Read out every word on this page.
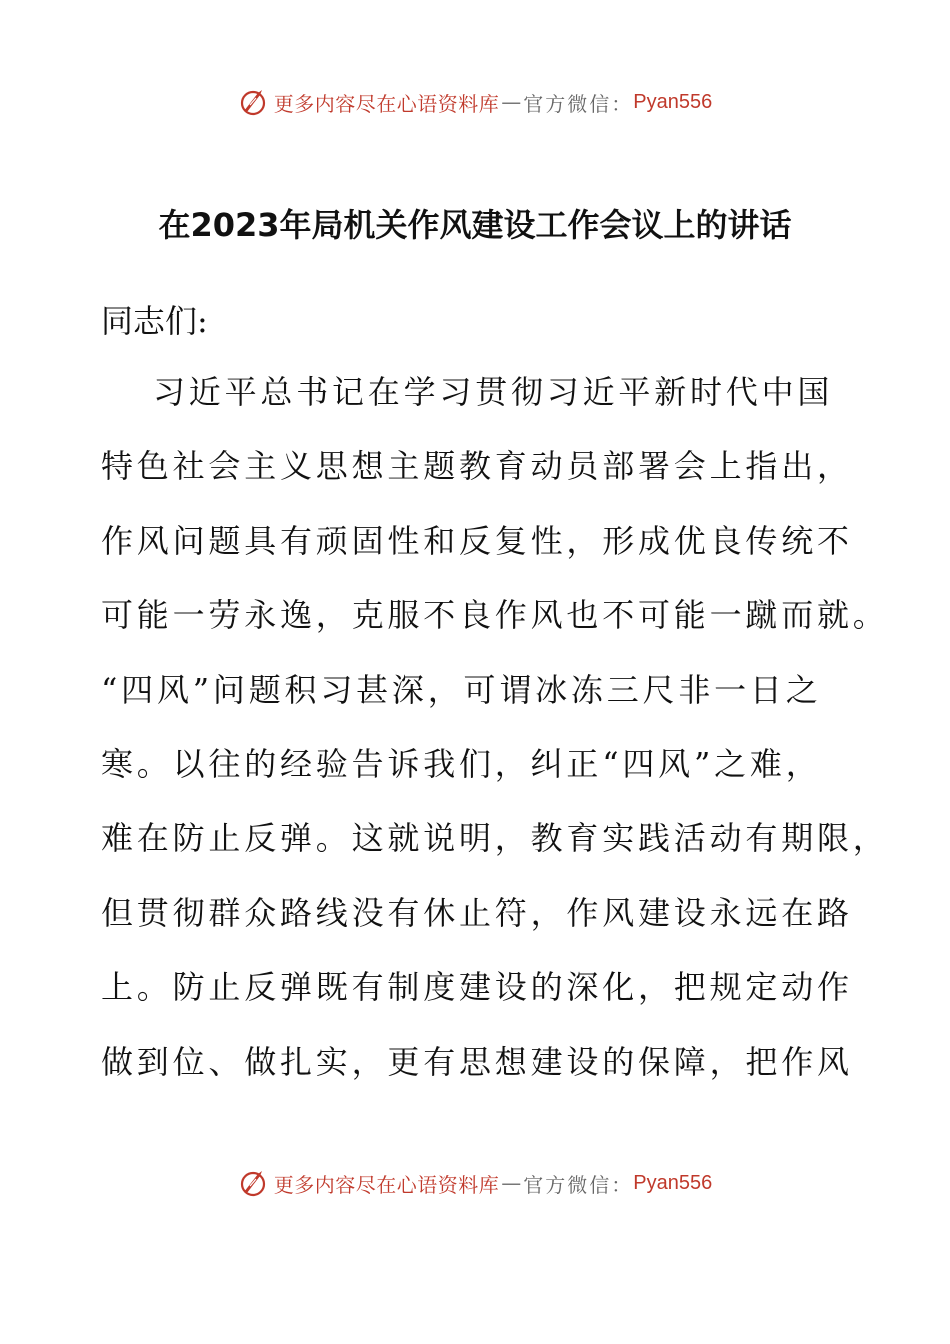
更多内容尽在心语资料库 — 官方微信： Pyan556
在2023年局机关作风建设工作会议上的讲话

同志们:

习近平总书记在学习贯彻习近平新时代中国
特色社会主义思想主题教育动员部署会上指出，
作风问题具有顽固性和反复性，形成优良传统不
可能一劳永逸，克服不良作风也不可能一蹴而就。
“四风”问题积习甚深，可谓冰冻三尺非一日之
寒。以往的经验告诉我们，纠正“四风”之难，
难在防止反弹。这就说明，教育实践活动有期限，
但贯彻群众路线没有休止符，作风建设永远在路
上。防止反弹既有制度建设的深化，把规定动作
做到位、做扎实，更有思想建设的保障，把作风
更多内容尽在心语资料库 — 官方微信： Pyan556
